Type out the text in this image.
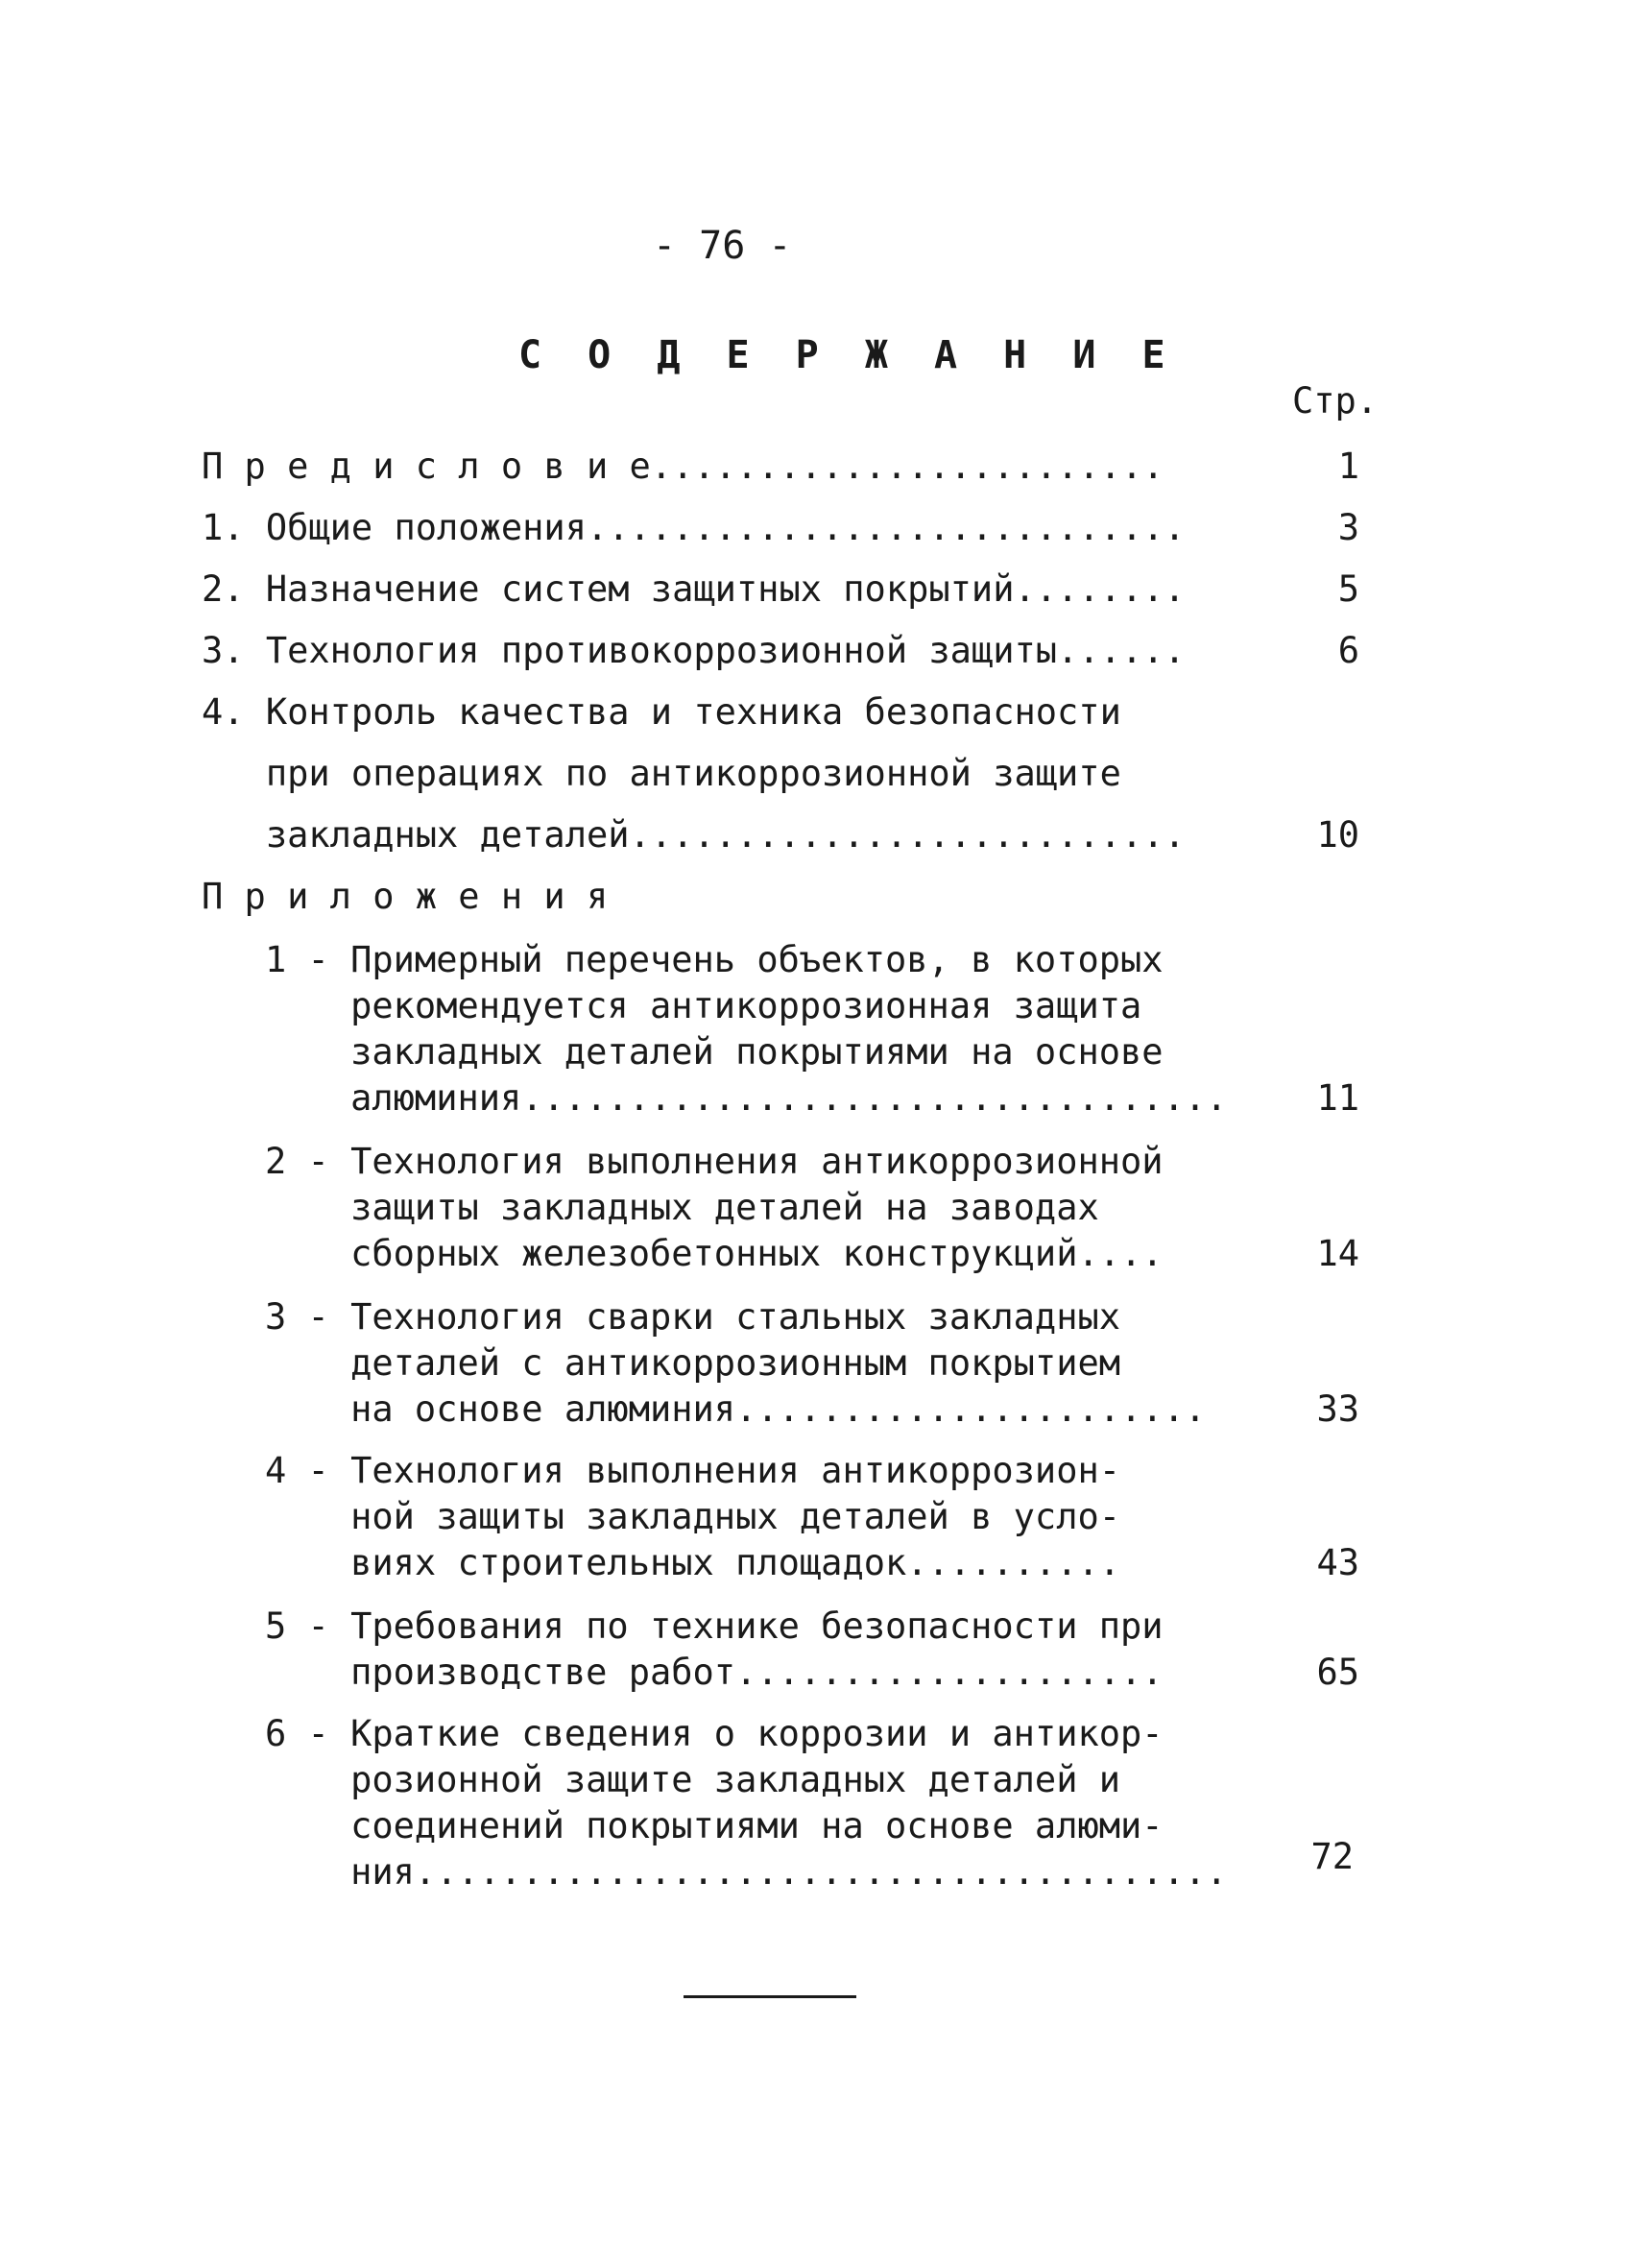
- 76 -
С О Д Е Р Ж А Н И Е
Стр.
П р е д и с л о в и е........................	1
1. Общие положения............................	3
2. Назначение систем защитных покрытий........	5
3. Технология противокоррозионной защиты......	6
4. Контроль качества и техника безопасности
при операциях по антикоррозионной защите
закладных деталей..........................	10
П р и л о ж е н и я
1 - Примерный перечень объектов, в которых
рекомендуется антикоррозионная защита
закладных деталей покрытиями на основе
алюминия.................................	11
2 - Технология выполнения антикоррозионной
защиты закладных деталей на заводах
сборных железобетонных конструкций....	14
3 - Технология сварки стальных закладных
деталей с антикоррозионным покрытием
на основе алюминия......................	33
4 - Технология выполнения антикоррозион-
ной защиты закладных деталей в усло-
виях строительных площадок..........	43
5 - Требования по технике безопасности при
производстве работ....................	65
6 - Краткие сведения о коррозии и антикор-
розионной защите закладных деталей и
соединений покрытиями на основе алюми-
ния......................................	72
